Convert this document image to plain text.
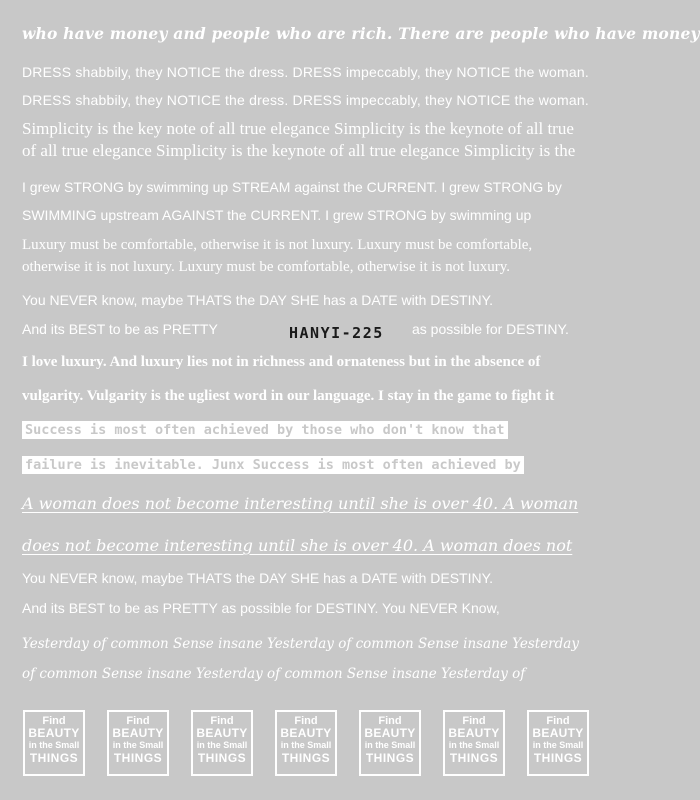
who have money and people who are rich. There are people who have money
DRESS shabbily, they NOTICE the dress. DRESS impeccably, they NOTICE the woman.
DRESS shabbily, they NOTICE the dress. DRESS impeccably, they NOTICE the woman.
Simplicity is the key note of all true elegance Simplicity is the keynote of all true
of all true elegance Simplicity is the keynote of all true elegance Simplicity is the
I grew STRONG by swimming up STREAM against the CURRENT. I grew STRONG by
SWIMMING upstream AGAINST the CURRENT. I grew STRONG by swimming up
Luxury must be comfortable, otherwise it is not luxury. Luxury must be comfortable,
otherwise it is not luxury. Luxury must be comfortable, otherwise it is not luxury.
You NEVER know, maybe THATS the DAY SHE has a DATE with DESTINY.
And its BEST to be as PRETTY	as possible for DESTINY.
HANYI-225
I love luxury. And luxury lies not in richness and ornateness but in the absence of
vulgarity. Vulgarity is the ugliest word in our language. I stay in the game to fight it
Success is most often achieved by those who don't know that
failure is inevitable. Junx Success is most often achieved by
A woman does not become interesting until she is over 40. A woman
does not become interesting until she is over 40. A woman does not
You NEVER know, maybe THATS the DAY SHE has a DATE with DESTINY.
And its BEST to be as PRETTY as possible for DESTINY. You NEVER Know,
Yesterday of common Sense insane Yesterday of common Sense insane Yesterday
of common Sense insane Yesterday of common Sense insane Yesterday of
Find
BEAUTY
in the Small
THINGS
Find
BEAUTY
in the Small
THINGS
Find
BEAUTY
in the Small
THINGS
Find
BEAUTY
in the Small
THINGS
Find
BEAUTY
in the Small
THINGS
Find
BEAUTY
in the Small
THINGS
Find
BEAUTY
in the Small
THINGS
